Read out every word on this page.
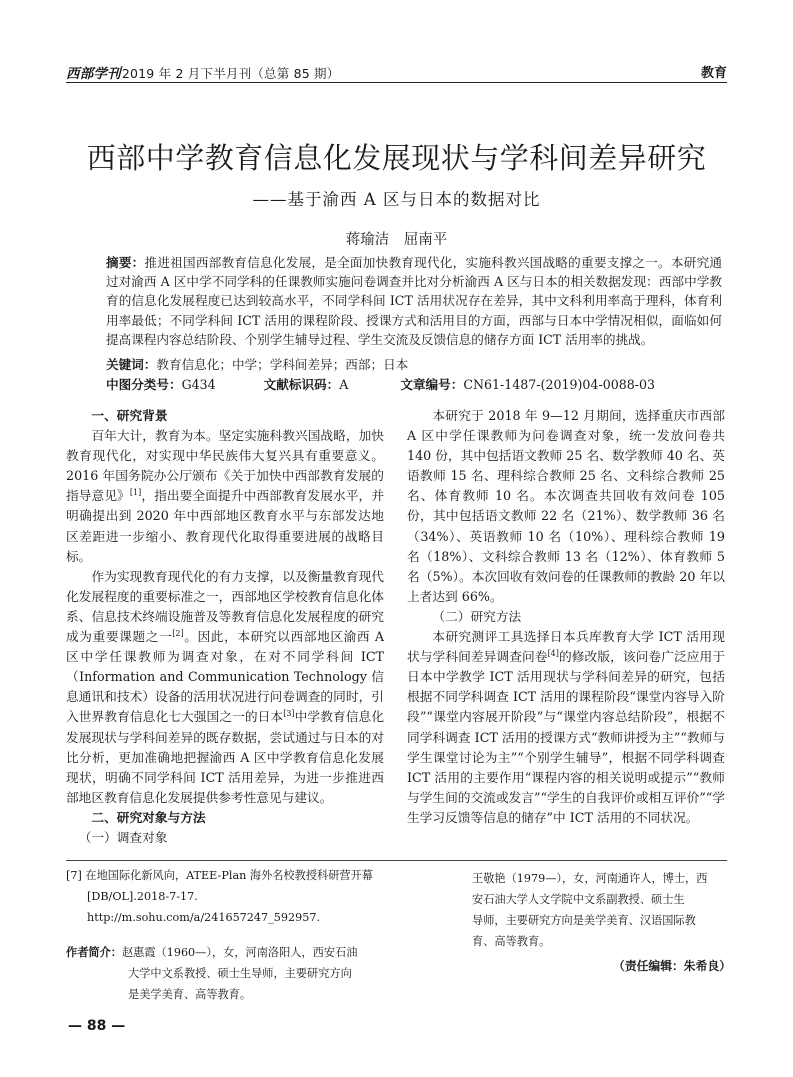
西部学刊2019 年 2 月下半月刊（总第 85 期）	教育
西部中学教育信息化发展现状与学科间差异研究
——基于渝西 A 区与日本的数据对比
蒋瑜洁　屈南平
摘要：推进祖国西部教育信息化发展，是全面加快教育现代化，实施科教兴国战略的重要支撑之一。本研究通过对渝西 A 区中学不同学科的任课教师实施问卷调查并比对分析渝西 A 区与日本的相关数据发现：西部中学教育的信息化发展程度已达到较高水平，不同学科间 ICT 活用状况存在差异，其中文科利用率高于理科，体育利用率最低；不同学科间 ICT 活用的课程阶段、授课方式和活用目的方面，西部与日本中学情况相似，面临如何提高课程内容总结阶段、个别学生辅导过程、学生交流及反馈信息的储存方面 ICT 活用率的挑战。
关键词：教育信息化；中学；学科间差异；西部；日本
中图分类号：G434	文献标识码：A	文章编号：CN61-1487-(2019)04-0088-03

一、研究背景

百年大计，教育为本。坚定实施科教兴国战略，加快教育现代化，对实现中华民族伟大复兴具有重要意义。2016 年国务院办公厅颁布《关于加快中西部教育发展的指导意见》[1]，指出要全面提升中西部教育发展水平，并明确提出到 2020 年中西部地区教育水平与东部发达地区差距进一步缩小、教育现代化取得重要进展的战略目标。

作为实现教育现代化的有力支撑，以及衡量教育现代化发展程度的重要标准之一，西部地区学校教育信息化体系、信息技术终端设施普及等教育信息化发展程度的研究成为重要课题之一[2]。因此，本研究以西部地区渝西 A 区中学任课教师为调查对象，在对不同学科间 ICT（Information and Communication Technology 信息通讯和技术）设备的活用状况进行问卷调查的同时，引入世界教育信息化七大强国之一的日本[3]中学教育信息化发展现状与学科间差异的既存数据，尝试通过与日本的对比分析，更加准确地把握渝西 A 区中学教育信息化发展现状，明确不同学科间 ICT 活用差异，为进一步推进西部地区教育信息化发展提供参考性意见与建议。

二、研究对象与方法

（一）调查对象

本研究于 2018 年 9—12 月期间，选择重庆市西部 A 区中学任课教师为问卷调查对象，统一发放问卷共 140 份，其中包括语文教师 25 名、数学教师 40 名、英语教师 15 名、理科综合教师 25 名、文科综合教师 25 名、体育教师 10 名。本次调查共回收有效问卷 105 份，其中包括语文教师 22 名（21%）、数学教师 36 名（34%）、英语教师 10 名（10%）、理科综合教师 19 名（18%）、文科综合教师 13 名（12%）、体育教师 5 名（5%）。本次回收有效问卷的任课教师的教龄 20 年以上者达到 66%。

（二）研究方法

本研究测评工具选择日本兵库教育大学 ICT 活用现状与学科间差异调查问卷[4]的修改版，该问卷广泛应用于日本中学教学 ICT 活用现状与学科间差异的研究，包括根据不同学科调查 ICT 活用的课程阶段“课堂内容导入阶段”“课堂内容展开阶段”与“课堂内容总结阶段”，根据不同学科调查 ICT 活用的授课方式“教师讲授为主”“教师与学生课堂讨论为主”“个别学生辅导”，根据不同学科调查 ICT 活用的主要作用“课程内容的相关说明或提示”“教师与学生间的交流或发言”“学生的自我评价或相互评价”“学生学习反馈等信息的储存”中 ICT 活用的不同状况。

[7] 在地国际化新风向，ATEE-Plan 海外名校教授科研营开幕
[DB/OL].2018-7-17.
http://m.sohu.com/a/241657247_592957.
王敬艳（1979—），女，河南通许人，博士，西
安石油大学人文学院中文系副教授、硕士生
导师，主要研究方向是美学美育、汉语国际教
育、高等教育。
作者简介：赵惠霞（1960—），女，河南洛阳人，西安石油
大学中文系教授、硕士生导师，主要研究方向
是美学美育、高等教育。
（责任编辑：朱希良）
— 88 —
